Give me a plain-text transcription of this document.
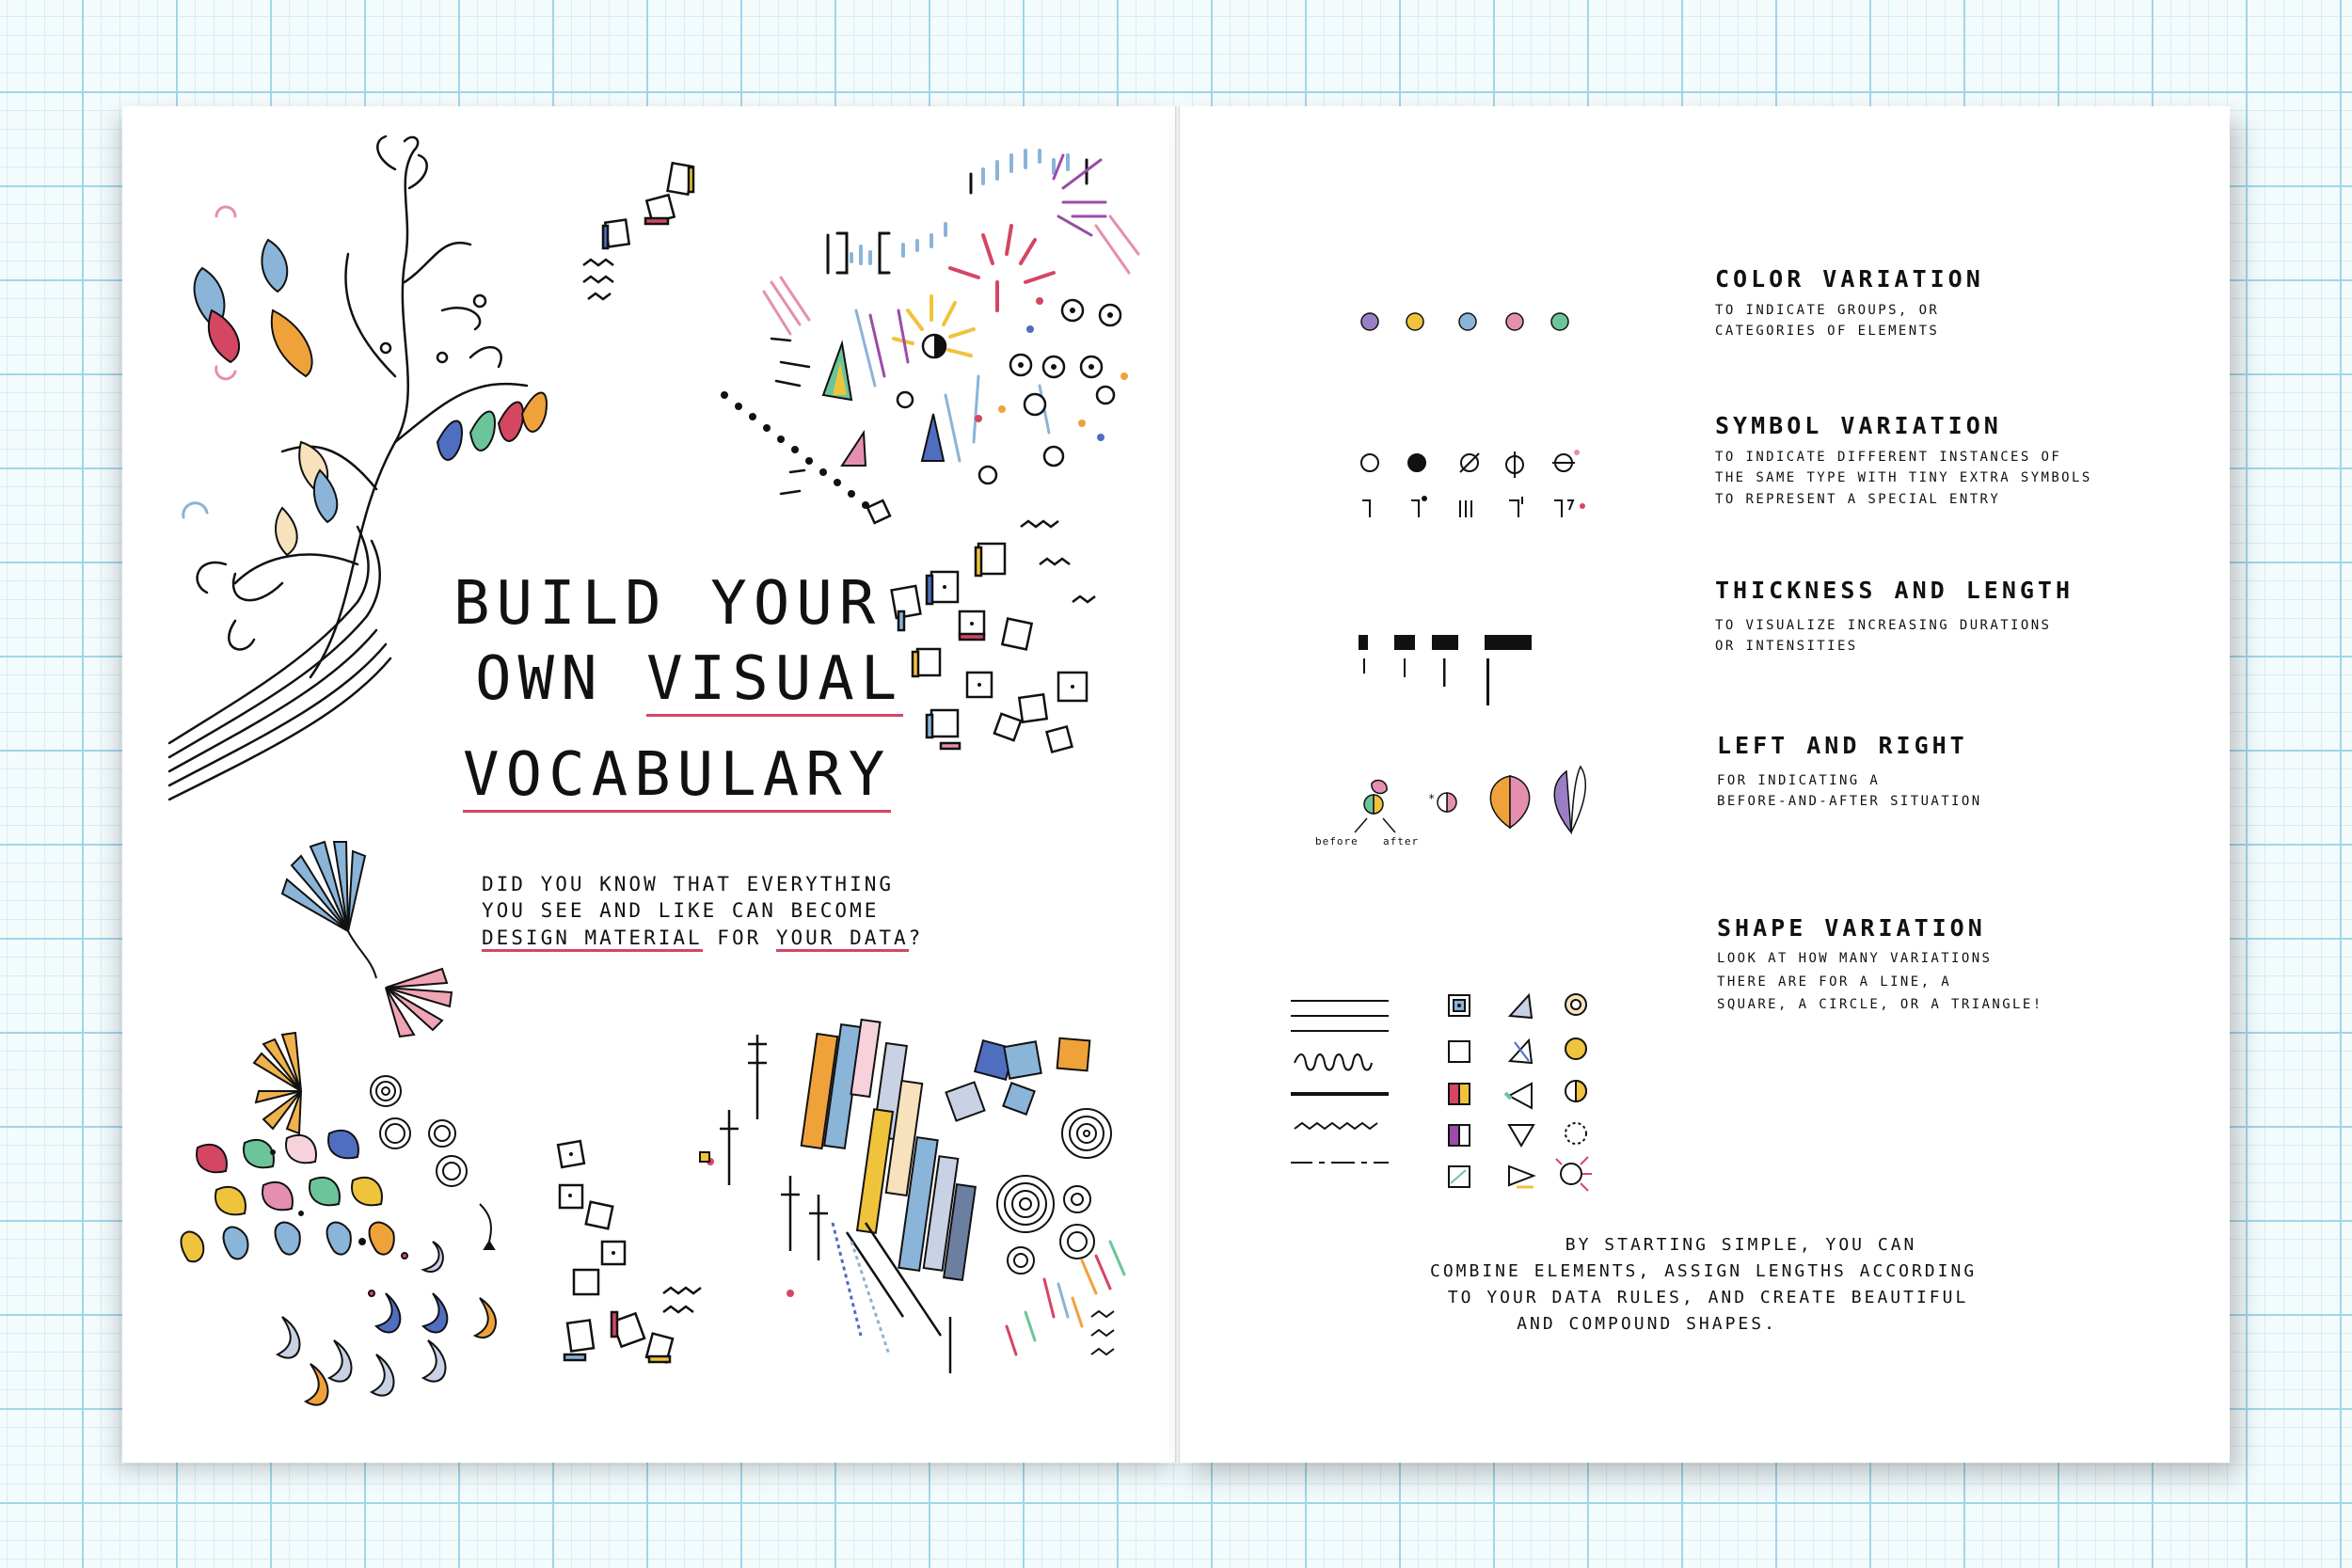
*
BUILD YOUR
OWN VISUAL
VOCABULARY
DID YOU KNOW THAT EVERYTHING
YOU SEE AND LIKE CAN BECOME
DESIGN MATERIAL FOR YOUR DATA?
COLOR VARIATION
TO INDICATE GROUPS, OR
CATEGORIES OF ELEMENTS
SYMBOL VARIATION
TO INDICATE DIFFERENT INSTANCES OF
THE SAME TYPE WITH TINY EXTRA SYMBOLS
TO REPRESENT A SPECIAL ENTRY
THICKNESS AND LENGTH
TO VISUALIZE INCREASING DURATIONS
OR INTENSITIES
LEFT AND RIGHT
FOR INDICATING A
BEFORE-AND-AFTER SITUATION
SHAPE VARIATION
LOOK AT HOW MANY VARIATIONS
THERE ARE FOR A LINE, A
SQUARE, A CIRCLE, OR A TRIANGLE!
before after
BY STARTING SIMPLE, YOU CAN
COMBINE ELEMENTS, ASSIGN LENGTHS ACCORDING
TO YOUR DATA RULES, AND CREATE BEAUTIFUL
AND COMPOUND SHAPES.
